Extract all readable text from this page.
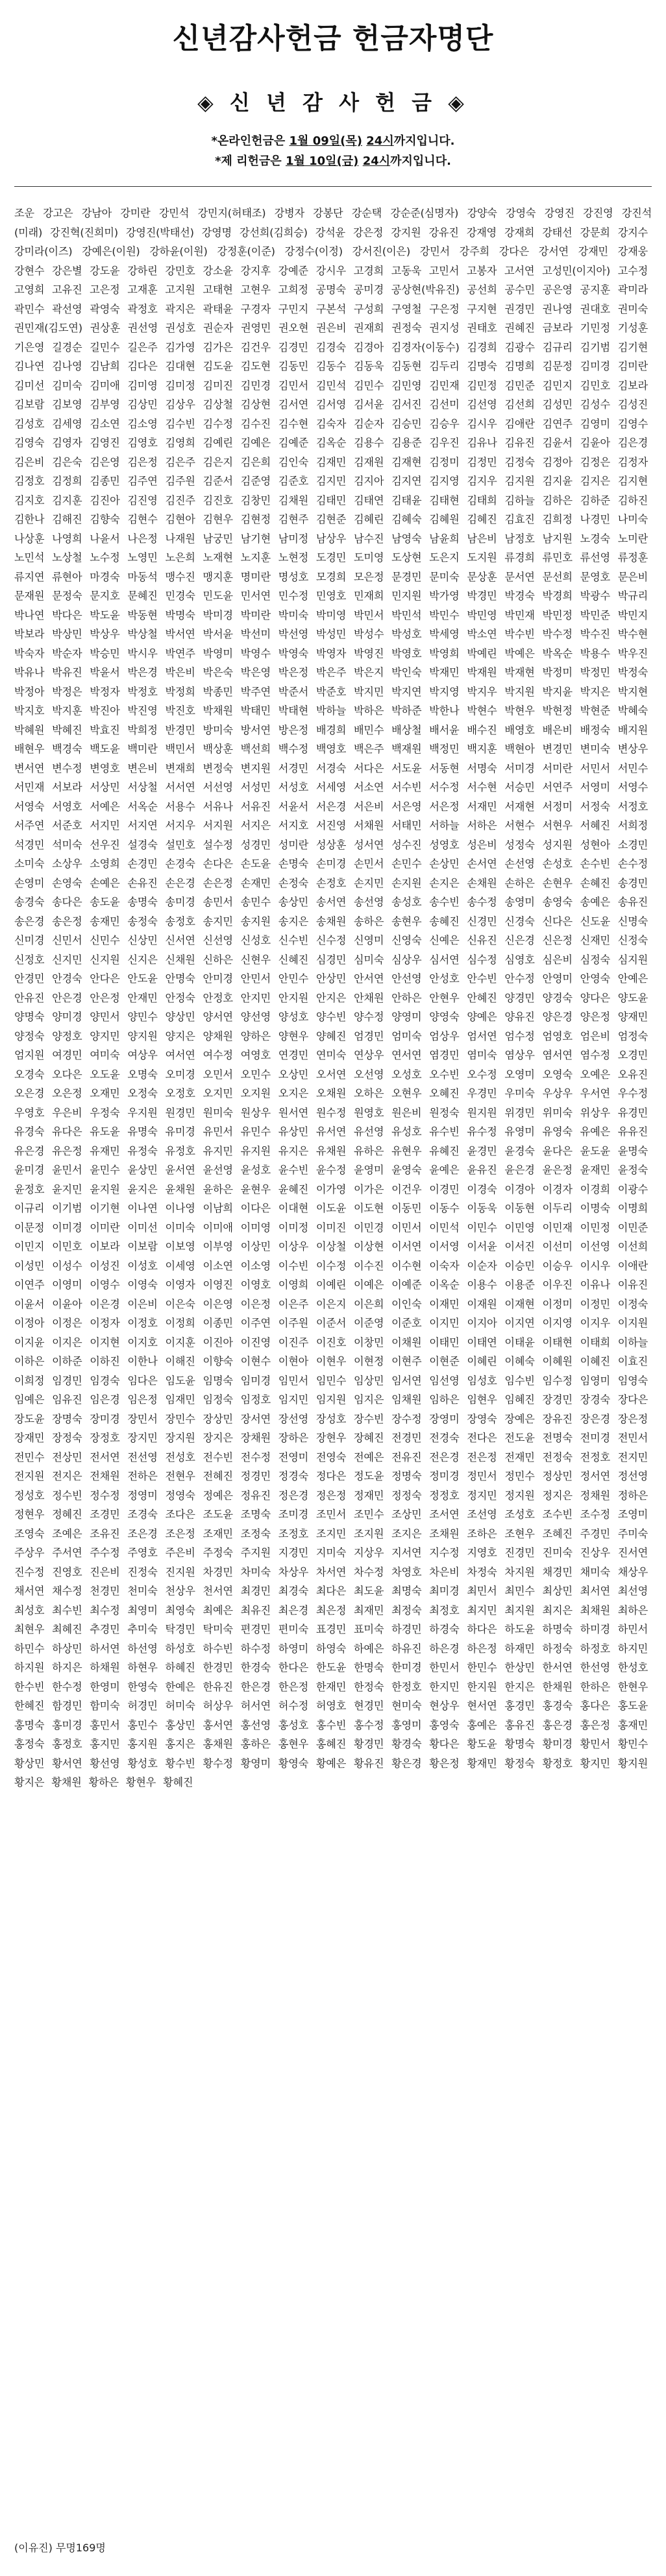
신년감사헌금 헌금자명단
◈ 신 년 감 사 헌 금 ◈
*온라인헌금은 1월 09일(목) 24시까지입니다.
*제 리헌금은 1월 10일(금) 24시까지입니다.
조운 강고은 강남아 강미란 강민석 강민지(허태조) 강병자 강봉단 강순택 강순준(심명자) 강양숙 강영숙 강영진 강진영 강진석(미래) 강진혁(진희미) 강영진(박태선) 강영명 강선희(김희승) 강석윤 강은정 강지원 강유진 강재영 강재희 강태선 강문희 강지수 강미라(이즈) 강예은(이원) 강하윤(이원) 강정훈(이준) 강정수(이정) 강서진(이은) 강민서 강주희 강다은 강서연 강재민 강재웅 강현수 강은별 강도윤 강하린 강민호 강소윤 강지후 강예준 강시우 고경희 고동욱 고민서 고봉자 고서연 고성민(이지아) 고수정 고영희 고유진 고은정 고재훈 고지원 고태현 고현우 고희정 공명숙 공미경 공상현(박유진) 공선희 공수민 공은영 공지훈 곽미라 곽민수 곽선영 곽영숙 곽정호 곽지은 곽태윤 구경자 구민지 구본석 구성희 구영철 구은정 구지현 권경민 권나영 권대호 권미숙 권민재(김도연) 권상훈 권선영 권성호 권순자 권영민 권오현 권은비 권재희 권정숙 권지성 권태호 권혜진 금보라 기민정 기성훈 기은영 길경순 길민수 길은주 김가영 김가은 김건우 김경민 김경숙 김경아 김경자(이동수) 김경희 김광수 김규리 김기범 김기현 김나연 김나영 김남희 김다은 김대현 김도윤 김도현 김동민 김동수 김동욱 김동현 김두리 김명숙 김명희 김문정 김미경 김미란 김미선 김미숙 김미애 김미영 김미정 김미진 김민경 김민서 김민석 김민수 김민영 김민재 김민정 김민준 김민지 김민호 김보라 김보람 김보영 김부영 김상민 김상우 김상철 김상현 김서연 김서영 김서윤 김서진 김선미 김선영 김선희 김성민 김성수 김성진 김성호 김세영 김소연 김소영 김수빈 김수정 김수진 김수현 김숙자 김순자 김승민 김승우 김시우 김애란 김연주 김영미 김영수 김영숙 김영자 김영진 김영호 김영희 김예린 김예은 김예준 김옥순 김용수 김용준 김우진 김유나 김유진 김윤서 김윤아 김은경 김은비 김은숙 김은영 김은정 김은주 김은지 김은희 김인숙 김재민 김재원 김재현 김정미 김정민 김정숙 김정아 김정은 김정자 김정호 김정희 김종민 김주연 김주원 김준서 김준영 김준호 김지민 김지아 김지연 김지영 김지우 김지원 김지윤 김지은 김지현 김지호 김지훈 김진아 김진영 김진주 김진호 김창민 김채원 김태민 김태연 김태윤 김태현 김태희 김하늘 김하은 김하준 김하진 김한나 김해진 김향숙 김현수 김현아 김현우 김현정 김현주 김현준 김혜린 김혜숙 김혜원 김혜진 김효진 김희정 나경민 나미숙 나상훈 나영희 나윤서 나은정 나재원 남궁민 남기현 남미정 남상우 남수진 남영숙 남윤희 남은비 남정호 남지원 노경숙 노미란 노민석 노상철 노수정 노영민 노은희 노재현 노지훈 노현정 도경민 도미영 도상현 도은지 도지원 류경희 류민호 류선영 류정훈 류지연 류현아 마경숙 마동석 맹수진 맹지훈 명미란 명성호 모경희 모은정 문경민 문미숙 문상훈 문서연 문선희 문영호 문은비 문재원 문정숙 문지호 문혜진 민경숙 민도윤 민서연 민수정 민영호 민재희 민지원 박가영 박경민 박경숙 박경희 박광수 박규리 박나연 박다은 박도윤 박동현 박명숙 박미경 박미란 박미숙 박미영 박민서 박민석 박민수 박민영 박민재 박민정 박민준 박민지 박보라 박상민 박상우 박상철 박서연 박서윤 박선미 박선영 박성민 박성수 박성호 박세영 박소연 박수빈 박수정 박수진 박수현 박숙자 박순자 박승민 박시우 박연주 박영미 박영수 박영숙 박영자 박영진 박영호 박영희 박예린 박예은 박옥순 박용수 박우진 박유나 박유진 박윤서 박은경 박은비 박은숙 박은영 박은정 박은주 박은지 박인숙 박재민 박재원 박재현 박정미 박정민 박정숙 박정아 박정은 박정자 박정호 박정희 박종민 박주연 박준서 박준호 박지민 박지연 박지영 박지우 박지원 박지윤 박지은 박지현 박지호 박지훈 박진아 박진영 박진호 박채원 박태민 박태현 박하늘 박하은 박하준 박한나 박현수 박현우 박현정 박현준 박혜숙 박혜원 박혜진 박효진 박희정 반경민 방미숙 방서연 방은정 배경희 배민수 배상철 배서윤 배수진 배영호 배은비 배정숙 배지원 배현우 백경숙 백도윤 백미란 백민서 백상훈 백선희 백수정 백영호 백은주 백재원 백정민 백지훈 백현아 변경민 변미숙 변상우 변서연 변수정 변영호 변은비 변재희 변정숙 변지원 서경민 서경숙 서다은 서도윤 서동현 서명숙 서미경 서미란 서민서 서민수 서민재 서보라 서상민 서상철 서서연 서선영 서성민 서성호 서세영 서소연 서수빈 서수정 서수현 서승민 서연주 서영미 서영수 서영숙 서영호 서예은 서옥순 서용수 서유나 서유진 서윤서 서은경 서은비 서은영 서은정 서재민 서재현 서정미 서정숙 서정호 서주연 서준호 서지민 서지연 서지우 서지원 서지은 서지호 서진영 서채원 서태민 서하늘 서하은 서현수 서현우 서혜진 서희정 석경민 석미숙 선우진 설경숙 설민호 설수정 성경민 성미란 성상훈 성서연 성수진 성영호 성은비 성정숙 성지원 성현아 소경민 소미숙 소상우 소영희 손경민 손경숙 손다은 손도윤 손명숙 손미경 손민서 손민수 손상민 손서연 손선영 손성호 손수빈 손수정 손영미 손영숙 손예은 손유진 손은경 손은정 손재민 손정숙 손정호 손지민 손지원 손지은 손채원 손하은 손현우 손혜진 송경민 송경숙 송다은 송도윤 송명숙 송미경 송민서 송민수 송상민 송서연 송선영 송성호 송수빈 송수정 송영미 송영숙 송예은 송유진 송은경 송은정 송재민 송정숙 송정호 송지민 송지원 송지은 송채원 송하은 송현우 송혜진 신경민 신경숙 신다은 신도윤 신명숙 신미경 신민서 신민수 신상민 신서연 신선영 신성호 신수빈 신수정 신영미 신영숙 신예은 신유진 신은경 신은정 신재민 신정숙 신정호 신지민 신지원 신지은 신채원 신하은 신현우 신혜진 심경민 심미숙 심상우 심서연 심수정 심영호 심은비 심정숙 심지원 안경민 안경숙 안다은 안도윤 안명숙 안미경 안민서 안민수 안상민 안서연 안선영 안성호 안수빈 안수정 안영미 안영숙 안예은 안유진 안은경 안은정 안재민 안정숙 안정호 안지민 안지원 안지은 안채원 안하은 안현우 안혜진 양경민 양경숙 양다은 양도윤 양명숙 양미경 양민서 양민수 양상민 양서연 양선영 양성호 양수빈 양수정 양영미 양영숙 양예은 양유진 양은경 양은정 양재민 양정숙 양정호 양지민 양지원 양지은 양채원 양하은 양현우 양혜진 엄경민 엄미숙 엄상우 엄서연 엄수정 엄영호 엄은비 엄정숙 엄지원 여경민 여미숙 여상우 여서연 여수정 여영호 연경민 연미숙 연상우 연서연 염경민 염미숙 염상우 염서연 염수정 오경민 오경숙 오다은 오도윤 오명숙 오미경 오민서 오민수 오상민 오서연 오선영 오성호 오수빈 오수정 오영미 오영숙 오예은 오유진 오은경 오은정 오재민 오정숙 오정호 오지민 오지원 오지은 오채원 오하은 오현우 오혜진 우경민 우미숙 우상우 우서연 우수정 우영호 우은비 우정숙 우지원 원경민 원미숙 원상우 원서연 원수정 원영호 원은비 원정숙 원지원 위경민 위미숙 위상우 유경민 유경숙 유다은 유도윤 유명숙 유미경 유민서 유민수 유상민 유서연 유선영 유성호 유수빈 유수정 유영미 유영숙 유예은 유유진 유은경 유은정 유재민 유정숙 유정호 유지민 유지원 유지은 유채원 유하은 유현우 유혜진 윤경민 윤경숙 윤다은 윤도윤 윤명숙 윤미경 윤민서 윤민수 윤상민 윤서연 윤선영 윤성호 윤수빈 윤수정 윤영미 윤영숙 윤예은 윤유진 윤은경 윤은정 윤재민 윤정숙 윤정호 윤지민 윤지원 윤지은 윤채원 윤하은 윤현우 윤혜진 이가영 이가은 이건우 이경민 이경숙 이경아 이경자 이경희 이광수 이규리 이기범 이기현 이나연 이나영 이남희 이다은 이대현 이도윤 이도현 이동민 이동수 이동욱 이동현 이두리 이명숙 이명희 이문정 이미경 이미란 이미선 이미숙 이미애 이미영 이미정 이미진 이민경 이민서 이민석 이민수 이민영 이민재 이민정 이민준 이민지 이민호 이보라 이보람 이보영 이부영 이상민 이상우 이상철 이상현 이서연 이서영 이서윤 이서진 이선미 이선영 이선희 이성민 이성수 이성진 이성호 이세영 이소연 이소영 이수빈 이수정 이수진 이수현 이숙자 이순자 이승민 이승우 이시우 이애란 이연주 이영미 이영수 이영숙 이영자 이영진 이영호 이영희 이예린 이예은 이예준 이옥순 이용수 이용준 이우진 이유나 이유진 이윤서 이윤아 이은경 이은비 이은숙 이은영 이은정 이은주 이은지 이은희 이인숙 이재민 이재원 이재현 이정미 이정민 이정숙 이정아 이정은 이정자 이정호 이정희 이종민 이주연 이주원 이준서 이준영 이준호 이지민 이지아 이지연 이지영 이지우 이지원 이지윤 이지은 이지현 이지호 이지훈 이진아 이진영 이진주 이진호 이창민 이채원 이태민 이태연 이태윤 이태현 이태희 이하늘 이하은 이하준 이하진 이한나 이해진 이향숙 이현수 이현아 이현우 이현정 이현주 이현준 이혜린 이혜숙 이혜원 이혜진 이효진 이희정 임경민 임경숙 임다은 임도윤 임명숙 임미경 임민서 임민수 임상민 임서연 임선영 임성호 임수빈 임수정 임영미 임영숙 임예은 임유진 임은경 임은정 임재민 임정숙 임정호 임지민 임지원 임지은 임채원 임하은 임현우 임혜진 장경민 장경숙 장다은 장도윤 장명숙 장미경 장민서 장민수 장상민 장서연 장선영 장성호 장수빈 장수정 장영미 장영숙 장예은 장유진 장은경 장은정 장재민 장정숙 장정호 장지민 장지원 장지은 장채원 장하은 장현우 장혜진 전경민 전경숙 전다은 전도윤 전명숙 전미경 전민서 전민수 전상민 전서연 전선영 전성호 전수빈 전수정 전영미 전영숙 전예은 전유진 전은경 전은정 전재민 전정숙 전정호 전지민 전지원 전지은 전채원 전하은 전현우 전혜진 정경민 정경숙 정다은 정도윤 정명숙 정미경 정민서 정민수 정상민 정서연 정선영 정성호 정수빈 정수정 정영미 정영숙 정예은 정유진 정은경 정은정 정재민 정정숙 정정호 정지민 정지원 정지은 정채원 정하은 정현우 정혜진 조경민 조경숙 조다은 조도윤 조명숙 조미경 조민서 조민수 조상민 조서연 조선영 조성호 조수빈 조수정 조영미 조영숙 조예은 조유진 조은경 조은정 조재민 조정숙 조정호 조지민 조지원 조지은 조채원 조하은 조현우 조혜진 주경민 주미숙 주상우 주서연 주수정 주영호 주은비 주정숙 주지원 지경민 지미숙 지상우 지서연 지수정 지영호 진경민 진미숙 진상우 진서연 진수정 진영호 진은비 진정숙 진지원 차경민 차미숙 차상우 차서연 차수정 차영호 차은비 차정숙 차지원 채경민 채미숙 채상우 채서연 채수정 천경민 천미숙 천상우 천서연 최경민 최경숙 최다은 최도윤 최명숙 최미경 최민서 최민수 최상민 최서연 최선영 최성호 최수빈 최수정 최영미 최영숙 최예은 최유진 최은경 최은정 최재민 최정숙 최정호 최지민 최지원 최지은 최채원 최하은 최현우 최혜진 추경민 추미숙 탁경민 탁미숙 편경민 편미숙 표경민 표미숙 하경민 하경숙 하다은 하도윤 하명숙 하미경 하민서 하민수 하상민 하서연 하선영 하성호 하수빈 하수정 하영미 하영숙 하예은 하유진 하은경 하은정 하재민 하정숙 하정호 하지민 하지원 하지은 하채원 하현우 하혜진 한경민 한경숙 한다은 한도윤 한명숙 한미경 한민서 한민수 한상민 한서연 한선영 한성호 한수빈 한수정 한영미 한영숙 한예은 한유진 한은경 한은정 한재민 한정숙 한정호 한지민 한지원 한지은 한채원 한하은 한현우 한혜진 함경민 함미숙 허경민 허미숙 허상우 허서연 허수정 허영호 현경민 현미숙 현상우 현서연 홍경민 홍경숙 홍다은 홍도윤 홍명숙 홍미경 홍민서 홍민수 홍상민 홍서연 홍선영 홍성호 홍수빈 홍수정 홍영미 홍영숙 홍예은 홍유진 홍은경 홍은정 홍재민 홍정숙 홍정호 홍지민 홍지원 홍지은 홍채원 홍하은 홍현우 홍혜진 황경민 황경숙 황다은 황도윤 황명숙 황미경 황민서 황민수 황상민 황서연 황선영 황성호 황수빈 황수정 황영미 황영숙 황예은 황유진 황은경 황은정 황재민 황정숙 황정호 황지민 황지원 황지은 황채원 황하은 황현우 황혜진
(이유진) 무명169명
